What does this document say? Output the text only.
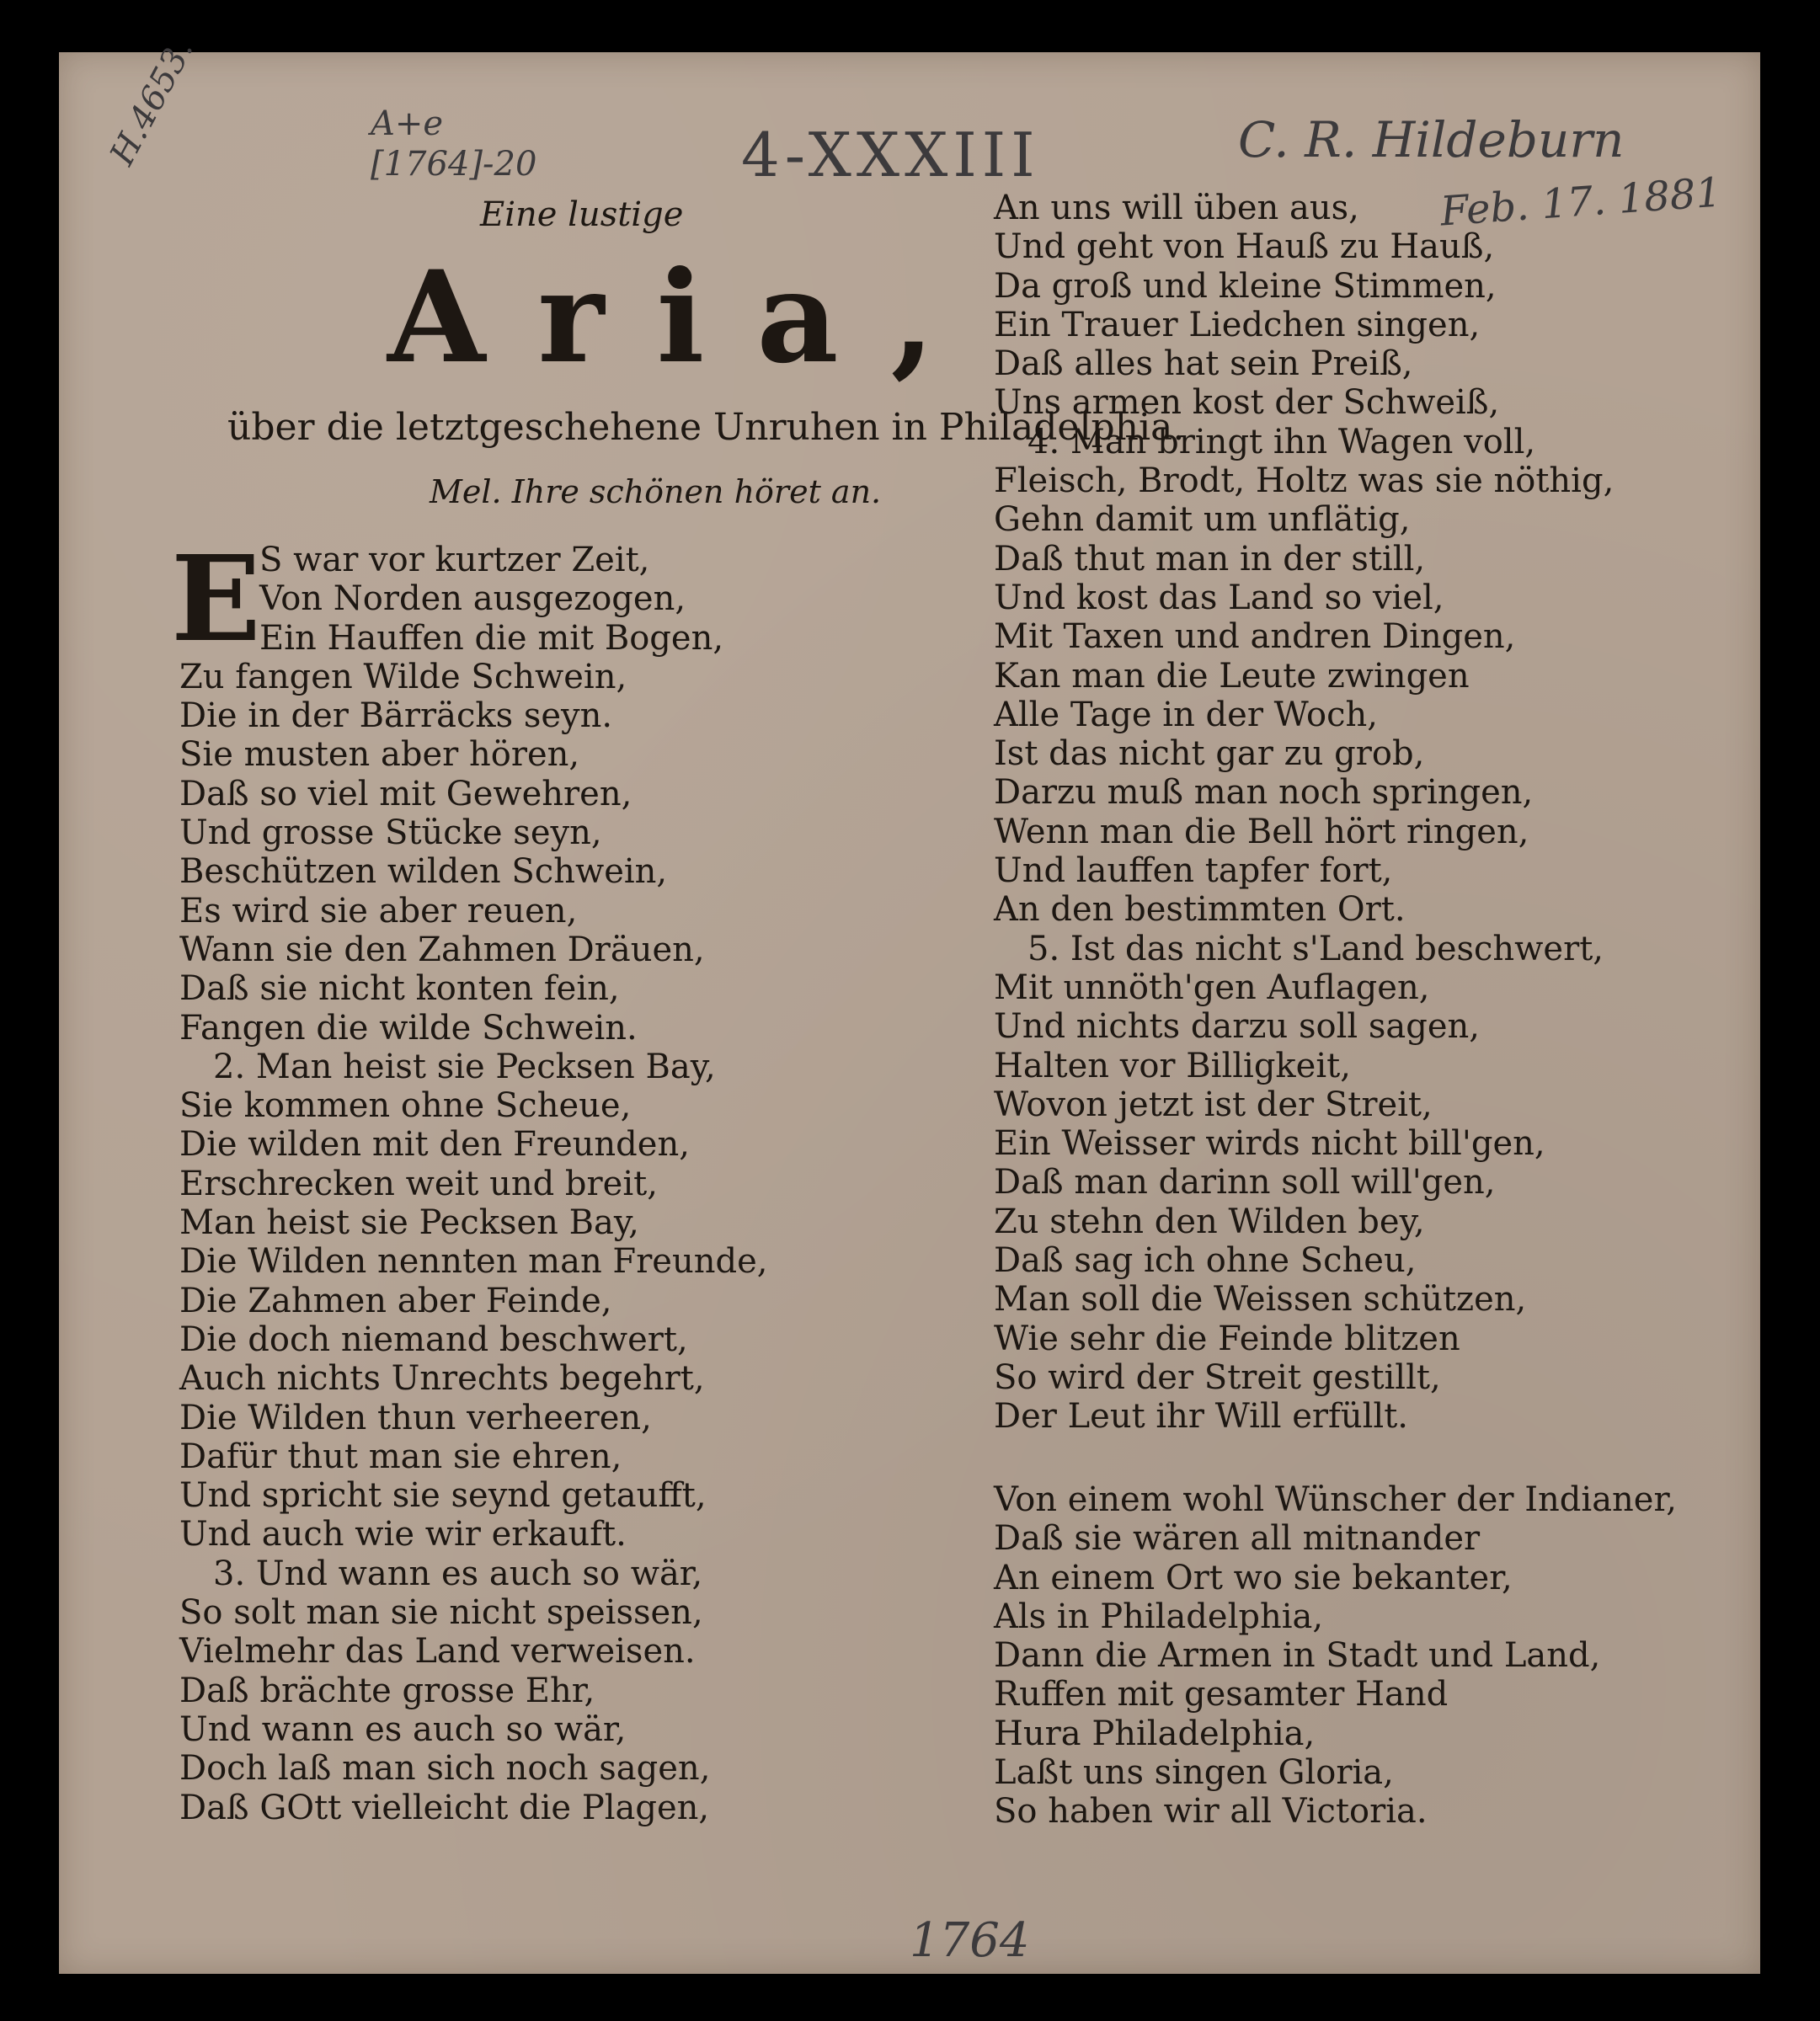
H.4653.	A+e
[1764]-20	4-XXXIII	C. R. Hildeburn
Feb. 17. 1881
Eine lustige
Aria,
über die letztgeschehene Unruhen in Philadelphia.
Mel. Ihre schönen höret an.
E
S war vor kurtzer Zeit,
Von Norden ausgezogen,
Ein Hauffen die mit Bogen,
Zu fangen Wilde Schwein,
Die in der Bärräcks seyn.
Sie musten aber hören,
Daß so viel mit Gewehren,
Und grosse Stücke seyn,
Beschützen wilden Schwein,
Es wird sie aber reuen,
Wann sie den Zahmen Dräuen,
Daß sie nicht konten fein,
Fangen die wilde Schwein.
2. Man heist sie Pecksen Bay,
Sie kommen ohne Scheue,
Die wilden mit den Freunden,
Erschrecken weit und breit,
Man heist sie Pecksen Bay,
Die Wilden nennten man Freunde,
Die Zahmen aber Feinde,
Die doch niemand beschwert,
Auch nichts Unrechts begehrt,
Die Wilden thun verheeren,
Dafür thut man sie ehren,
Und spricht sie seynd getaufft,
Und auch wie wir erkauft.
3. Und wann es auch so wär,
So solt man sie nicht speissen,
Vielmehr das Land verweisen.
Daß brächte grosse Ehr,
Und wann es auch so wär,
Doch laß man sich noch sagen,
Daß GOtt vielleicht die Plagen,
An uns will üben aus,
Und geht von Hauß zu Hauß,
Da groß und kleine Stimmen,
Ein Trauer Liedchen singen,
Daß alles hat sein Preiß,
Uns armen kost der Schweiß,
4. Man bringt ihn Wagen voll,
Fleisch, Brodt, Holtz was sie nöthig,
Gehn damit um unflätig,
Daß thut man in der still,
Und kost das Land so viel,
Mit Taxen und andren Dingen,
Kan man die Leute zwingen
Alle Tage in der Woch,
Ist das nicht gar zu grob,
Darzu muß man noch springen,
Wenn man die Bell hört ringen,
Und lauffen tapfer fort,
An den bestimmten Ort.
5. Ist das nicht s'Land beschwert,
Mit unnöth'gen Auflagen,
Und nichts darzu soll sagen,
Halten vor Billigkeit,
Wovon jetzt ist der Streit,
Ein Weisser wirds nicht bill'gen,
Daß man darinn soll will'gen,
Zu stehn den Wilden bey,
Daß sag ich ohne Scheu,
Man soll die Weissen schützen,
Wie sehr die Feinde blitzen
So wird der Streit gestillt,
Der Leut ihr Will erfüllt.
Von einem wohl Wünscher der Indianer,
Daß sie wären all mitnander
An einem Ort wo sie bekanter,
Als in Philadelphia,
Dann die Armen in Stadt und Land,
Ruffen mit gesamter Hand
Hura Philadelphia,
Laßt uns singen Gloria,
So haben wir all Victoria.
1764
